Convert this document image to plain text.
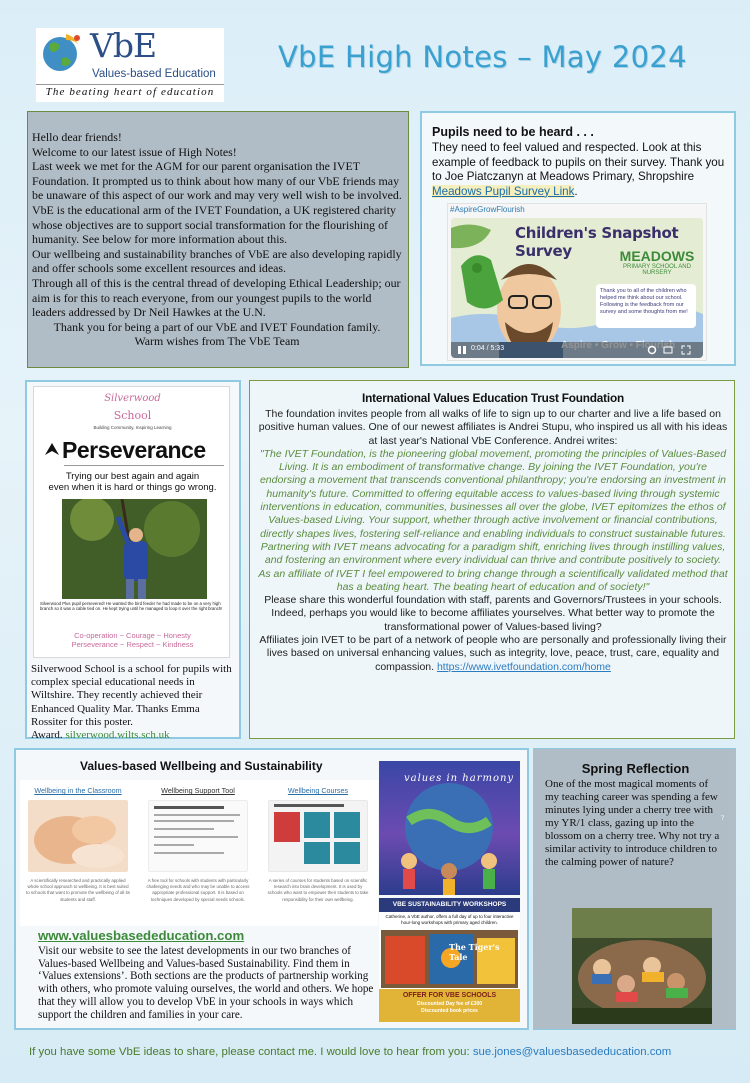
VbE
Values-based Education
The beating heart of education
VbE High Notes – May 2024

Hello dear friends!

Welcome to our latest issue of High Notes!

Last week we met for the AGM for our parent organisation the IVET Foundation. It prompted us to think about how many of our VbE friends may be unaware of this aspect of our work and may very well wish to be involved.

VbE is the educational arm of the IVET Foundation, a UK registered charity whose objectives are to support social transformation for the flourishing of humanity. See below for more information about this.

Our wellbeing and sustainability branches of VbE are also developing rapidly and offer schools some excellent resources and ideas.

Through all of this is the central thread of developing Ethical Leadership; our aim is for this to reach everyone, from our youngest pupils to the world leaders addressed by Dr Neil Hawkes at the U.N.

Thank you for being a part of our VbE and IVET Foundation family.

Warm wishes from The VbE Team

Pupils need to be heard . . .
They need to feel valued and respected. Look at this example of feedback to pupils on their survey. Thank you to Joe Piatczanyn at Meadows Primary, Shropshire Meadows Pupil Survey Link.
#AspireGrowFlourish
Children's Snapshot Survey	MEADOWS
PRIMARY SCHOOL AND NURSERY
Thank you to all of the children who helped me think about our school. Following is the feedback from our survey and some thoughts from me!
0:04 / 5:33
Silverwood
School
Building Community, Inspiring Learning
Perseverance
Trying our best again and again
even when it is hard or things go wrong.
Silverwood Plus pupil persevered! He wanted the bird feeder he had made to be on a very high branch so it was a cable tied on. He kept trying until he managed to loop it over the right branch!
Co-operation ~ Courage ~ Honesty
Perseverance ~ Respect ~ Kindness
Silverwood School is a school for pupils with complex special educational needs in Wiltshire. They recently achieved their Enhanced Quality Mar. Thanks Emma Rossiter for this poster.
Award. silverwood.wilts.sch.uk
International Values Education Trust Foundation
The foundation invites people from all walks of life to sign up to our charter and live a life based on positive human values. One of our newest affiliates is Andrei Stupu, who inspired us all with his ideas at last year's National VbE Conference. Andrei writes:
"The IVET Foundation, is the pioneering global movement, promoting the principles of Values-Based Living. It is an embodiment of transformative change. By joining the IVET Foundation, you're endorsing a movement that transcends conventional philanthropy; you're endorsing an investment in humanity's future. Committed to offering equitable access to values-based living through systemic interventions in education, communities, businesses all over the globe, IVET epitomizes the ethos of Values-based Living. Your support, whether through active involvement or financial contributions, directly shapes lives, fostering self-reliance and enabling individuals to construct sustainable futures. Partnering with IVET means advocating for a paradigm shift, enriching lives through instilling values, and fostering an environment where every individual can thrive and contribute positively to society. As an affiliate of IVET I feel empowered to bring change through a scientifically validated method that has a beating heart. The beating heart of education and of society!"
Please share this wonderful foundation with staff, parents and Governors/Trustees in your schools. Indeed, perhaps you would like to become affiliates yourselves. What better way to promote the transformational power of Values-based living?
Affiliates join IVET to be part of a network of people who are personally and professionally living their lives based on universal enhancing values, such as integrity, love, peace, trust, care, equality and compassion. https://www.ivetfoundation.com/home
Values-based Wellbeing and Sustainability
Wellbeing in the Classroom
A scientifically researched and practically applied whole school approach to wellbeing. It is best suited to schools that want to promote the wellbeing of all its students and staff.
Wellbeing Support Tool
A free tool for schools with students with particularly challenging needs and who may be unable to access appropriate professional support. It is based on techniques developed by special needs schools.
Wellbeing Courses
A series of courses for students based on scientific research into brain development. It is used by schools who want to empower their students to take responsibility for their own wellbeing.
www.valuesbasededucation.com
Visit our website to see the latest developments in our two branches of Values-based Wellbeing and Values-based Sustainability. Find them in ‘Values extensions’. Both sections are the products of partnership working with others, who promote valuing ourselves, the world and others. We hope that they will allow you to develop VbE in your schools in ways which support the children and families in your care.
values in harmony
VBE SUSTAINABILITY WORKSHOPS
Catherine, a VbE author, offers a full day of up to four interactive hour-long workshops with primary aged children.
The Tiger's Tale
OFFER FOR VBE SCHOOLS
Discounted Day fee of £300
Discounted book prices
Spring Reflection
One of the most magical moments of my teaching career was spending a few minutes lying under a cherry tree with my YR/1 class, gazing up into the blossom on a cherry tree. Why not try a similar activity to introduce children to the calming power of nature?
?
If you have some VbE ideas to share, please contact me. I would love to hear from you: sue.jones@valuesbasededucation.com
